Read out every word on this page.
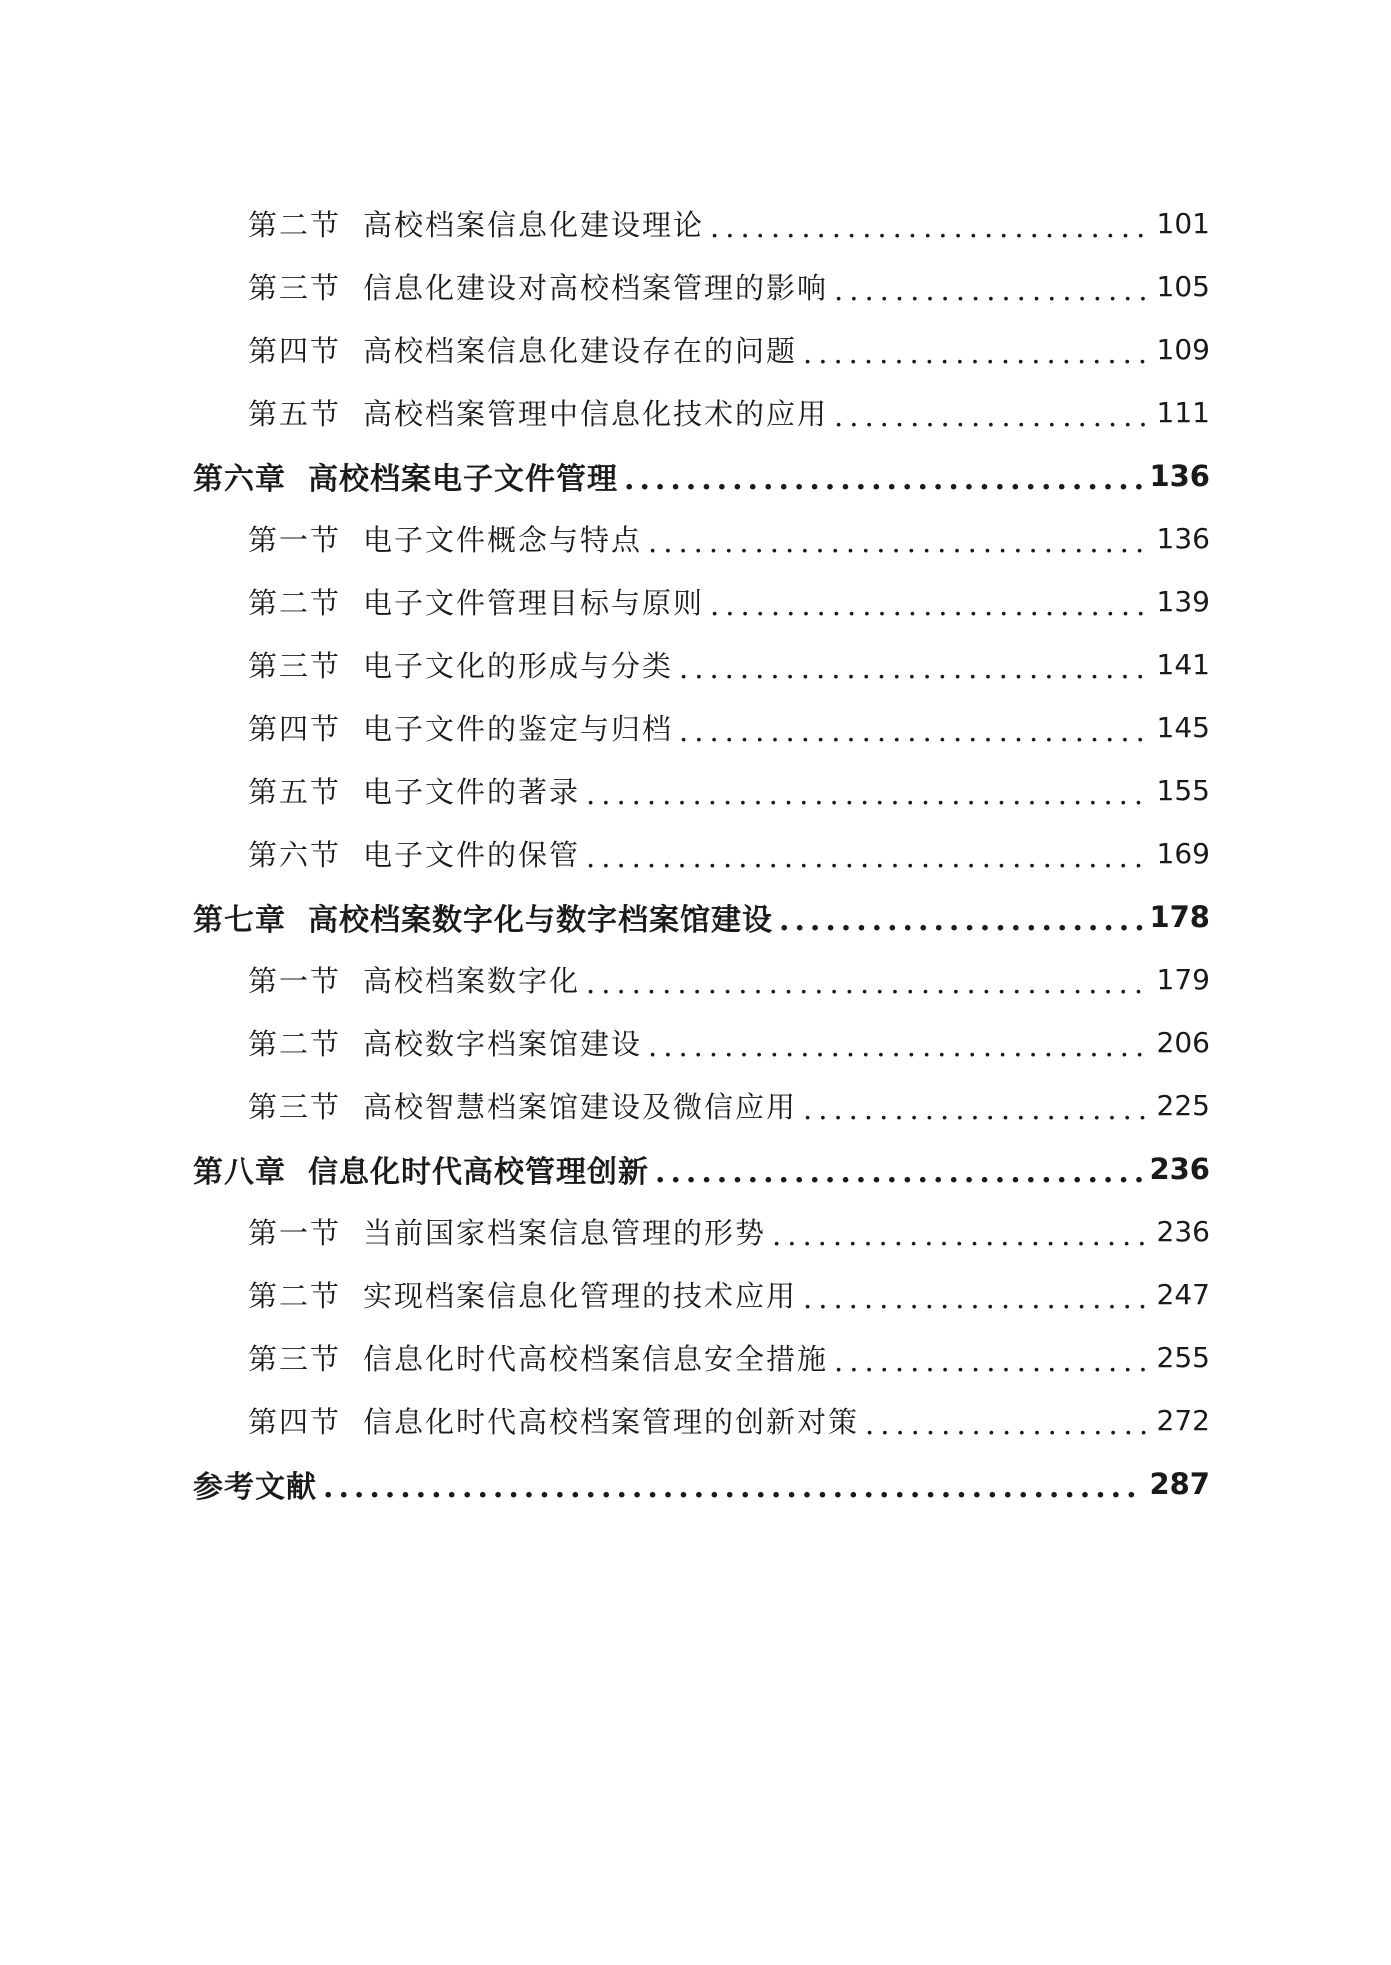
第二节 高校档案信息化建设理论 .....	101
第三节 信息化建设对高校档案管理的影响 .....	105
第四节 高校档案信息化建设存在的问题 .....	109
第五节 高校档案管理中信息化技术的应用 .....	111
第六章 高校档案电子文件管理 .....	136
第一节 电子文件概念与特点 .....	136
第二节 电子文件管理目标与原则 .....	139
第三节 电子文化的形成与分类 .....	141
第四节 电子文件的鉴定与归档 .....	145
第五节 电子文件的著录 .....	155
第六节 电子文件的保管 .....	169
第七章 高校档案数字化与数字档案馆建设 .....	178
第一节 高校档案数字化 .....	179
第二节 高校数字档案馆建设 .....	206
第三节 高校智慧档案馆建设及微信应用 .....	225
第八章 信息化时代高校管理创新 .....	236
第一节 当前国家档案信息管理的形势 .....	236
第二节 实现档案信息化管理的技术应用 .....	247
第三节 信息化时代高校档案信息安全措施 .....	255
第四节 信息化时代高校档案管理的创新对策 .....	272
参考文献 .....	287
